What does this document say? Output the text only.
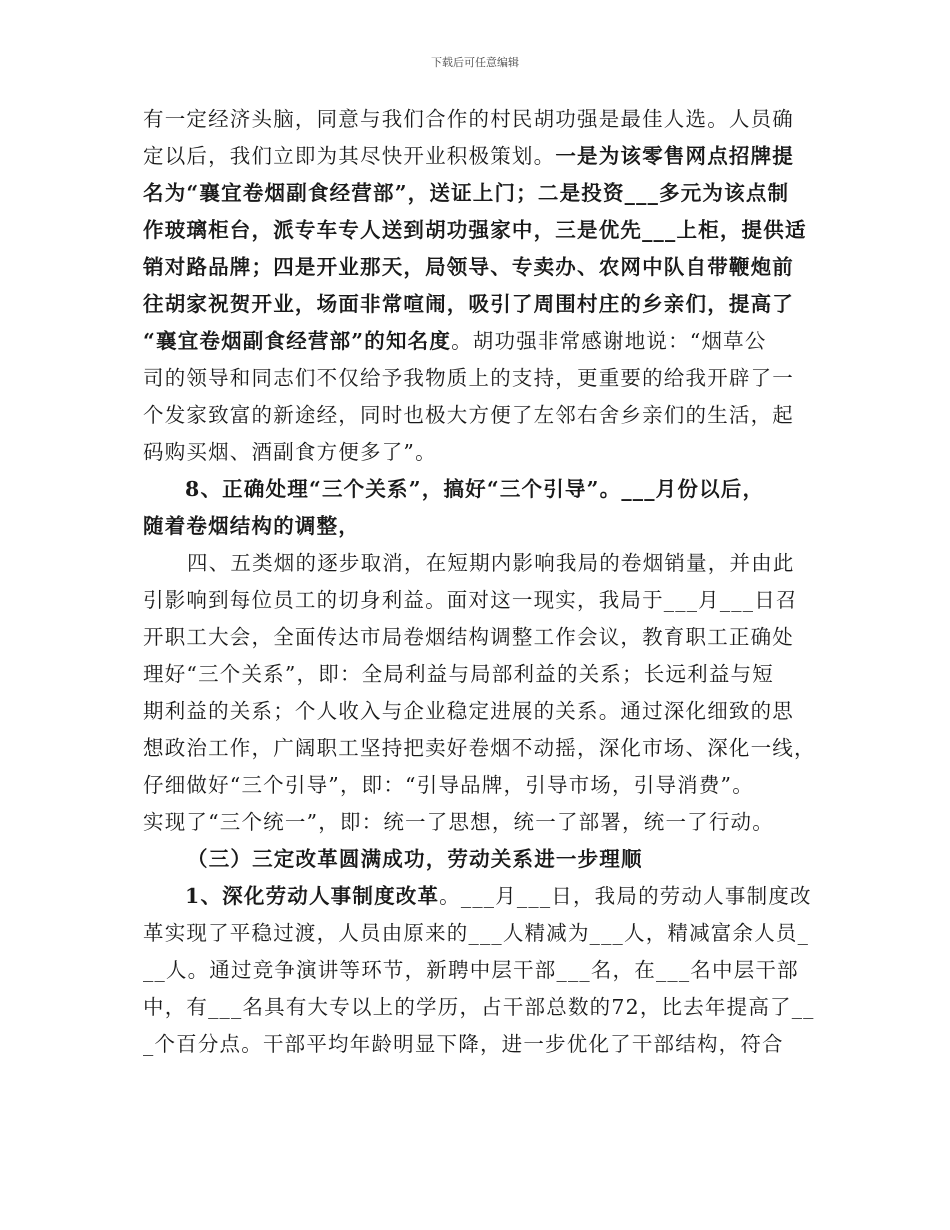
下载后可任意编辑
有一定经济头脑，同意与我们合作的村民胡功强是最佳人选。人员确
定以后，我们立即为其尽快开业积极策划。一是为该零售网点招牌提
名为“襄宜卷烟副食经营部”，送证上门；二是投资___多元为该点制
作玻璃柜台，派专车专人送到胡功强家中，三是优先___上柜，提供适
销对路品牌；四是开业那天，局领导、专卖办、农网中队自带鞭炮前
往胡家祝贺开业，场面非常喧闹，吸引了周围村庄的乡亲们，提高了
“襄宜卷烟副食经营部”的知名度。胡功强非常感谢地说：“烟草公
司的领导和同志们不仅给予我物质上的支持，更重要的给我开辟了一
个发家致富的新途经，同时也极大方便了左邻右舍乡亲们的生活，起
码购买烟、酒副食方便多了”。
8、正确处理“三个关系”，搞好“三个引导”。___月份以后，
随着卷烟结构的调整，
四、五类烟的逐步取消，在短期内影响我局的卷烟销量，并由此
引影响到每位员工的切身利益。面对这一现实，我局于___月___日召
开职工大会，全面传达市局卷烟结构调整工作会议，教育职工正确处
理好“三个关系”，即：全局利益与局部利益的关系；长远利益与短
期利益的关系；个人收入与企业稳定进展的关系。通过深化细致的思
想政治工作，广阔职工坚持把卖好卷烟不动摇，深化市场、深化一线，
仔细做好“三个引导”，即：“引导品牌，引导市场，引导消费”。
实现了“三个统一”，即：统一了思想，统一了部署，统一了行动。
（三）三定改革圆满成功，劳动关系进一步理顺
1、深化劳动人事制度改革。___月___日，我局的劳动人事制度改
革实现了平稳过渡，人员由原来的___人精减为___人，精减富余人员_
__人。通过竞争演讲等环节，新聘中层干部___名，在___名中层干部
中，有___名具有大专以上的学历，占干部总数的72，比去年提高了__
_个百分点。干部平均年龄明显下降，进一步优化了干部结构，符合
